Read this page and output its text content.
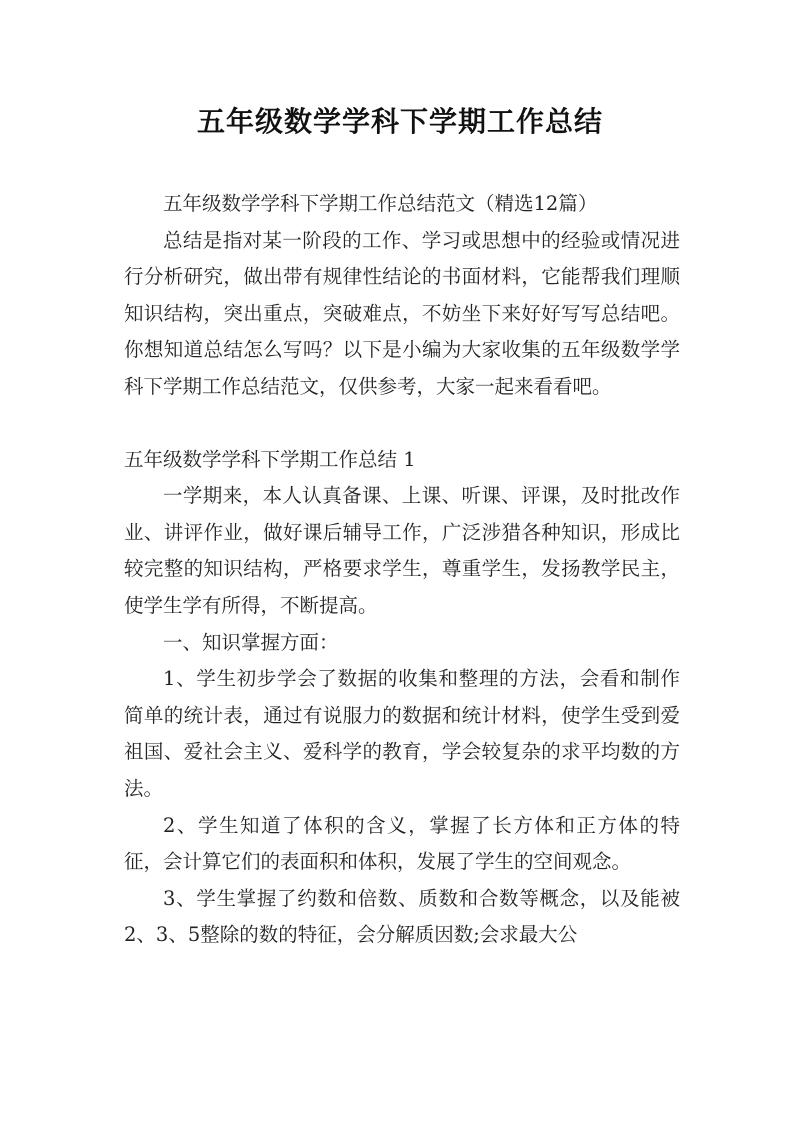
五年级数学学科下学期工作总结

五年级数学学科下学期工作总结范文（精选12篇）

总结是指对某一阶段的工作、学习或思想中的经验或情况进行分析研究，做出带有规律性结论的书面材料，它能帮我们理顺知识结构，突出重点，突破难点，不妨坐下来好好写写总结吧。你想知道总结怎么写吗？以下是小编为大家收集的五年级数学学科下学期工作总结范文，仅供参考，大家一起来看看吧。

五年级数学学科下学期工作总结 1

一学期来，本人认真备课、上课、听课、评课，及时批改作业、讲评作业，做好课后辅导工作，广泛涉猎各种知识，形成比较完整的知识结构，严格要求学生，尊重学生，发扬教学民主，使学生学有所得，不断提高。

一、知识掌握方面：

1、学生初步学会了数据的收集和整理的方法，会看和制作简单的统计表，通过有说服力的数据和统计材料，使学生受到爱祖国、爱社会主义、爱科学的教育，学会较复杂的求平均数的方法。

2、学生知道了体积的含义，掌握了长方体和正方体的特征，会计算它们的表面积和体积，发展了学生的空间观念。

3、学生掌握了约数和倍数、质数和合数等概念，以及能被2、3、5整除的数的特征，会分解质因数;会求最大公
